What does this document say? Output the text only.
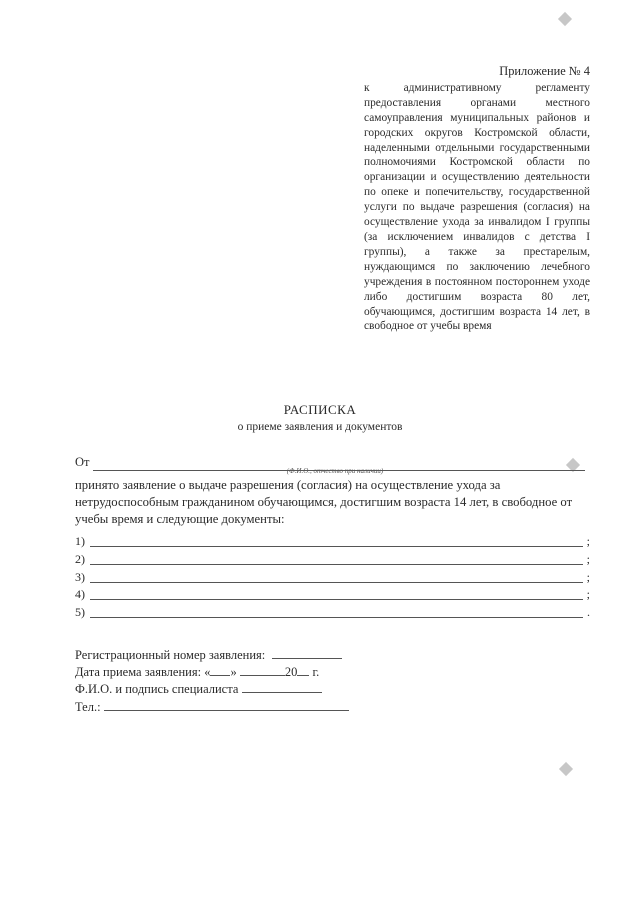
Приложение № 4
к административному регламенту предоставления органами местного самоуправления муниципальных районов и городских округов Костромской области, наделенными отдельными государственными полномочиями Костромской области по организации и осуществлению деятельности по опеке и попечительству, государственной услуги по выдаче разрешения (согласия) на осуществление ухода за инвалидом I группы (за исключением инвалидов с детства I группы), а также за престарелым, нуждающимся по заключению лечебного учреждения в постоянном постороннем уходе либо достигшим возраста 80 лет, обучающимся, достигшим возраста 14 лет, в свободное от учебы время
РАСПИСКА
о приеме заявления и документов
От
(Ф.И.О., отчество при наличии)
принято заявление о выдаче разрешения (согласия) на осуществление ухода за нетрудоспособным гражданином обучающимся, достигшим возраста 14 лет, в свободное от учебы время и следующие документы:
1)	;
2)	;
3)	;
4)	;
5)	.
Регистрационный номер заявления:
Дата приема заявления: « »	20 г.
Ф.И.О. и подпись специалиста
Тел.:
